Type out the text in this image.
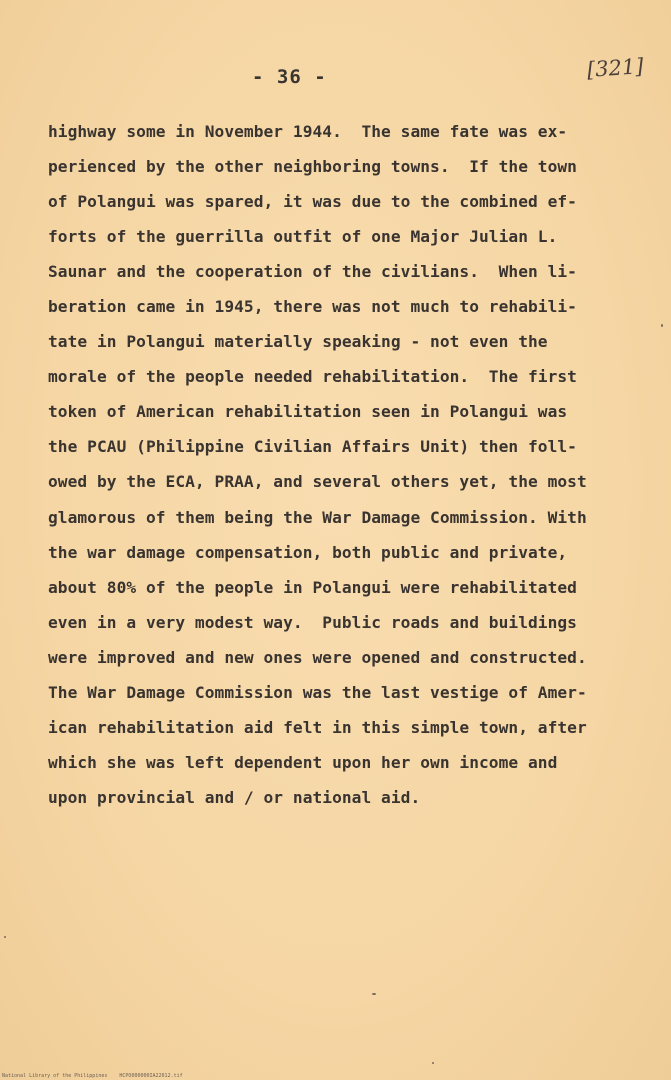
- 36 -	[321]
highway some in November 1944.  The same fate was ex-
perienced by the other neighboring towns.  If the town
of Polangui was spared, it was due to the combined ef-
forts of the guerrilla outfit of one Major Julian L.
Saunar and the cooperation of the civilians.  When li-
beration came in 1945, there was not much to rehabili-
tate in Polangui materially speaking - not even the
morale of the people needed rehabilitation.  The first
token of American rehabilitation seen in Polangui was
the PCAU (Philippine Civilian Affairs Unit) then foll-
owed by the ECA, PRAA, and several others yet, the most
glamorous of them being the War Damage Commission. With
the war damage compensation, both public and private,
about 80% of the people in Polangui were rehabilitated
even in a very modest way.  Public roads and buildings
were improved and new ones were opened and constructed.
The War Damage Commission was the last vestige of Amer-
ican rehabilitation aid felt in this simple town, after
which she was left dependent upon her own income and
upon provincial and / or national aid.
National Library of the Philippines    HCPO000000IA22012.tif
